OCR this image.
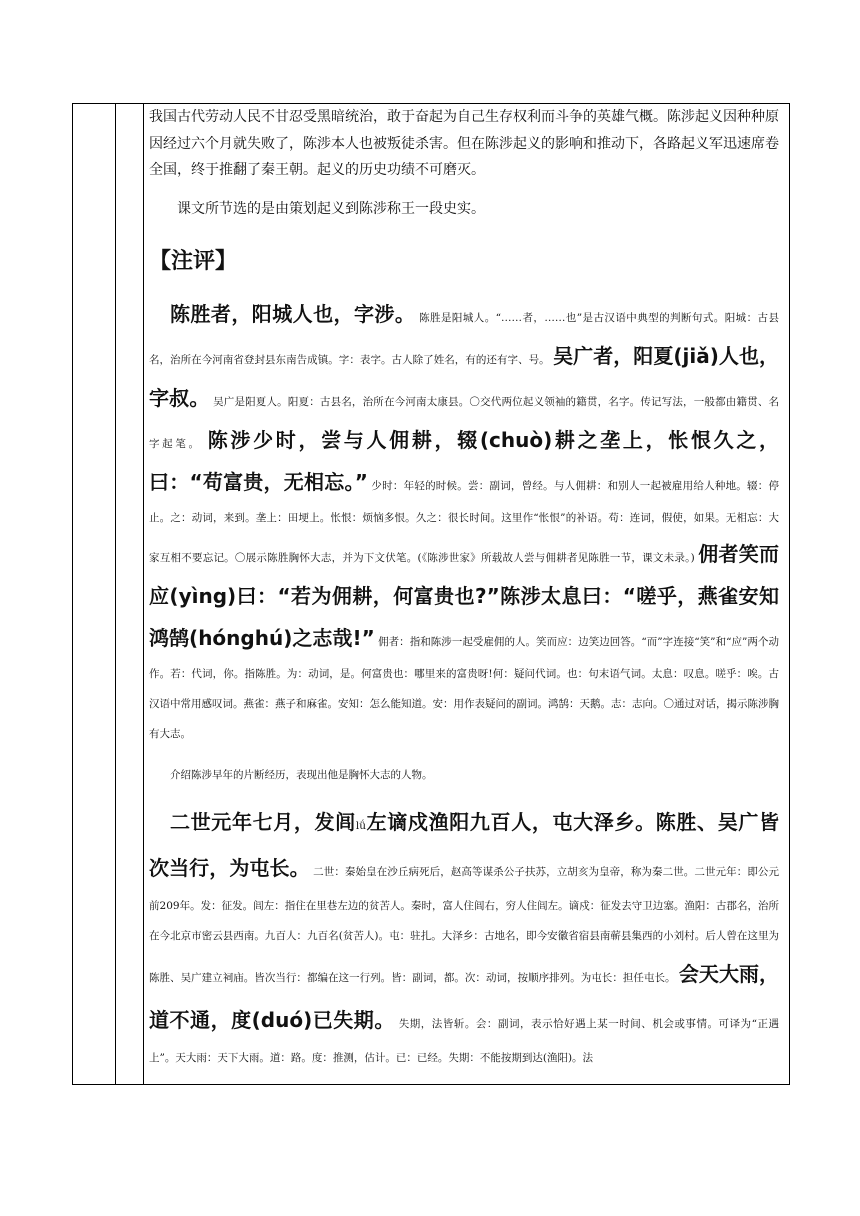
我国古代劳动人民不甘忍受黑暗统治，敢于奋起为自己生存权利而斗争的英雄气概。陈涉起义因种种原因经过六个月就失败了，陈涉本人也被叛徒杀害。但在陈涉起义的影响和推动下，各路起义军迅速席卷全国，终于推翻了秦王朝。起义的历史功绩不可磨灭。

课文所节选的是由策划起义到陈涉称王一段史实。

【注评】

陈胜者，阳城人也，字涉。 陈胜是阳城人。“……者，……也”是古汉语中典型的判断句式。阳城：古县名，治所在今河南省登封县东南告成镇。字：表字。古人除了姓名，有的还有字、号。 吴广者，阳夏(jiǎ)人也，字叔。 吴广是阳夏人。阳夏：古县名，治所在今河南太康县。〇交代两位起义领袖的籍贯，名字。传记写法，一般都由籍贯、名字起笔。 陈涉少时，尝与人佣耕，辍(chuò)耕之垄上，怅恨久之，曰：“苟富贵，无相忘。” 少时：年轻的时候。尝：副词，曾经。与人佣耕：和别人一起被雇用给人种地。辍：停止。之：动词，来到。垄上：田埂上。怅恨：烦恼多恨。久之：很长时间。这里作“怅恨”的补语。苟：连词，假使，如果。无相忘：大家互相不要忘记。〇展示陈胜胸怀大志，并为下文伏笔。(《陈涉世家》所载故人尝与佣耕者见陈胜一节，课文未录。) 佣者笑而应(yìng)曰：“若为佣耕，何富贵也?”陈涉太息曰：“嗟乎，燕雀安知鸿鹄(hónghú)之志哉!” 佣者：指和陈涉一起受雇佣的人。笑而应：边笑边回答。“而”字连接“笑”和“应”两个动作。若：代词，你。指陈胜。为：动词，是。何富贵也：哪里来的富贵呀!何：疑问代词。也：句末语气词。太息：叹息。嗟乎：唉。古汉语中常用感叹词。燕雀：燕子和麻雀。安知：怎么能知道。安：用作表疑问的副词。鸿鹄：天鹅。志：志向。〇通过对话，揭示陈涉胸有大志。

介绍陈涉早年的片断经历，表现出他是胸怀大志的人物。

二世元年七月，发闾lǘ左谪戍渔阳九百人，屯大泽乡。陈胜、吴广皆次当行，为屯长。 二世：秦始皇在沙丘病死后，赵高等谋杀公子扶苏，立胡亥为皇帝，称为秦二世。二世元年：即公元前209年。发：征发。闾左：指住在里巷左边的贫苦人。秦时，富人住闾右，穷人住闾左。谪戍：征发去守卫边塞。渔阳：古郡名，治所在今北京市密云县西南。九百人：九百名(贫苦人)。屯：驻扎。大泽乡：古地名，即今安徽省宿县南蕲县集西的小刘村。后人曾在这里为陈胜、吴广建立祠庙。皆次当行：都编在这一行列。皆：副词，都。次：动词，按顺序排列。为屯长：担任屯长。 会天大雨，道不通，度(duó)已失期。 失期，法皆斩。会：副词，表示恰好遇上某一时间、机会或事情。可译为“正遇上”。天大雨：天下大雨。道：路。度：推测，估计。已：已经。失期：不能按期到达(渔阳)。法
